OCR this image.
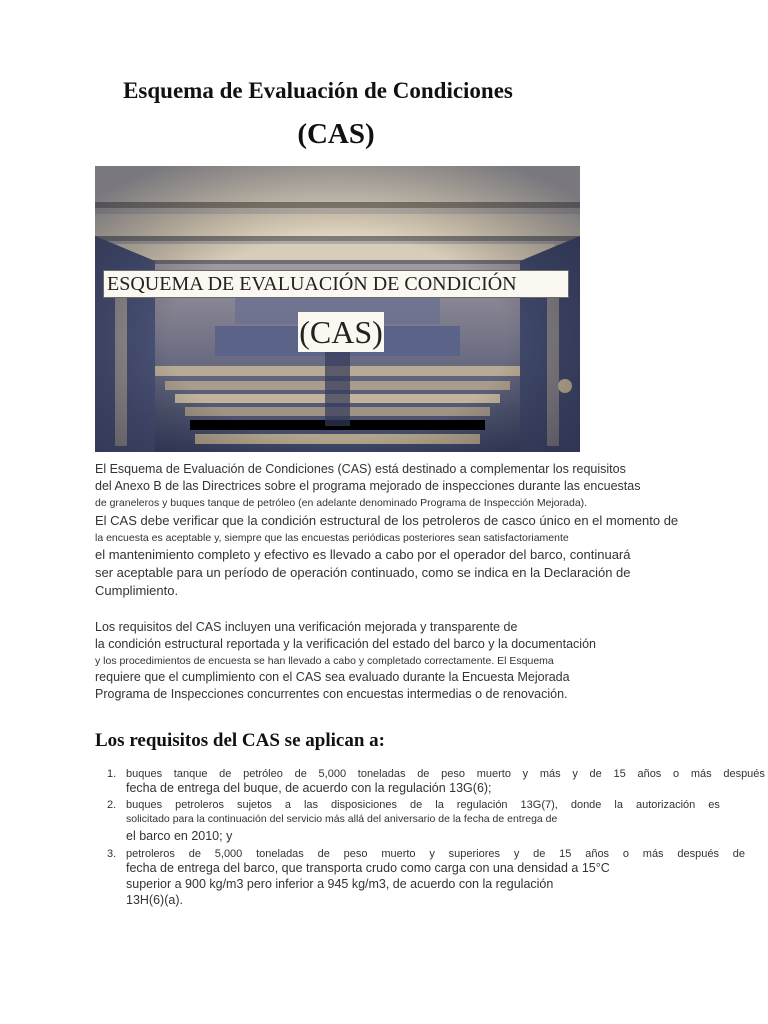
Esquema de Evaluación de Condiciones
(CAS)
ESQUEMA DE EVALUACIÓN DE CONDICIÓN
(CAS)
El Esquema de Evaluación de Condiciones (CAS) está destinado a complementar los requisitos
del Anexo B de las Directrices sobre el programa mejorado de inspecciones durante las encuestas
de graneleros y buques tanque de petróleo (en adelante denominado Programa de Inspección Mejorada).
El CAS debe verificar que la condición estructural de los petroleros de casco único en el momento de
la encuesta es aceptable y, siempre que las encuestas periódicas posteriores sean satisfactoriamente
el mantenimiento completo y efectivo es llevado a cabo por el operador del barco, continuará
ser aceptable para un período de operación continuado, como se indica en la Declaración de
Cumplimiento.
Los requisitos del CAS incluyen una verificación mejorada y transparente de
la condición estructural reportada y la verificación del estado del barco y la documentación
y los procedimientos de encuesta se han llevado a cabo y completado correctamente. El Esquema
requiere que el cumplimiento con el CAS sea evaluado durante la Encuesta Mejorada
Programa de Inspecciones concurrentes con encuestas intermedias o de renovación.
Los requisitos del CAS se aplican a:
1. buques tanque de petróleo de 5,000 toneladas de peso muerto y más y de 15 años o más después
fecha de entrega del buque, de acuerdo con la regulación 13G(6);
2. buques petroleros sujetos a las disposiciones de la regulación 13G(7), donde la autorización es
solicitado para la continuación del servicio más allá del aniversario de la fecha de entrega de
el barco en 2010; y
3. petroleros de 5,000 toneladas de peso muerto y superiores y de 15 años o más después de
fecha de entrega del barco, que transporta crudo como carga con una densidad a 15°C
superior a 900 kg/m3 pero inferior a 945 kg/m3, de acuerdo con la regulación
13H(6)(a).
